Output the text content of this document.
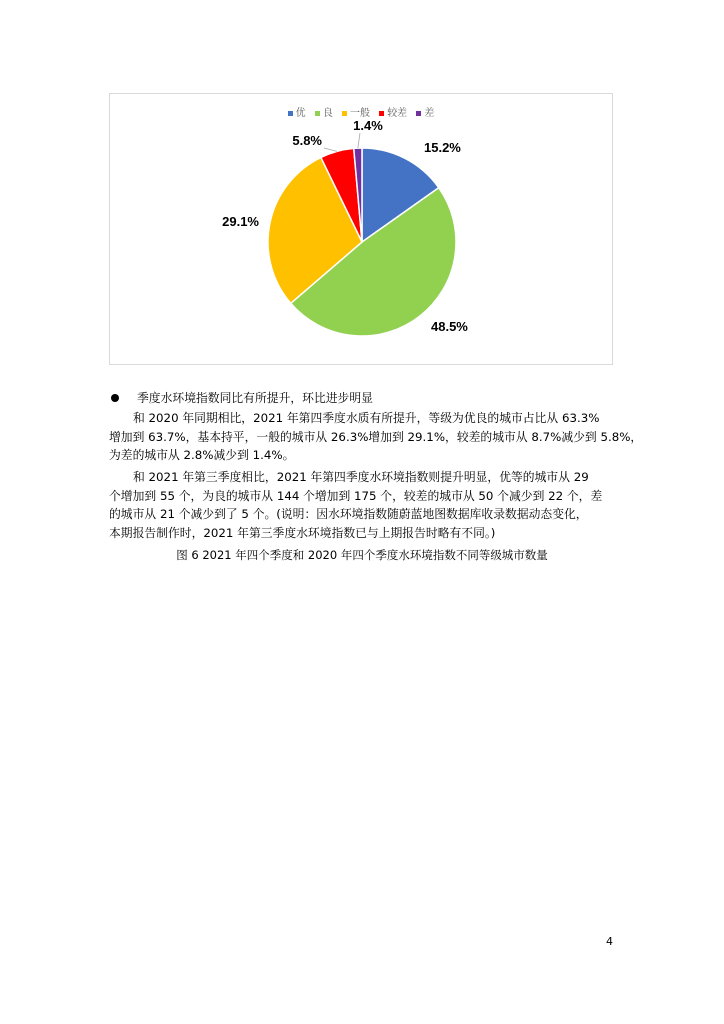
优 良 一般 较差 差
15.2%
48.5%
29.1%
5.8%
1.4%
季度水环境指数同比有所提升，环比进步明显
和 2020 年同期相比，2021 年第四季度水质有所提升，等级为优良的城市占比从 63.3%
增加到 63.7%，基本持平，一般的城市从 26.3%增加到 29.1%，较差的城市从 8.7%减少到 5.8%，
为差的城市从 2.8%减少到 1.4%。
和 2021 年第三季度相比，2021 年第四季度水环境指数则提升明显，优等的城市从 29
个增加到 55 个，为良的城市从 144 个增加到 175 个，较差的城市从 50 个减少到 22 个，差
的城市从 21 个减少到了 5 个。(说明：因水环境指数随蔚蓝地图数据库收录数据动态变化，
本期报告制作时，2021 年第三季度水环境指数已与上期报告时略有不同。)
图 6 2021 年四个季度和 2020 年四个季度水环境指数不同等级城市数量
4
